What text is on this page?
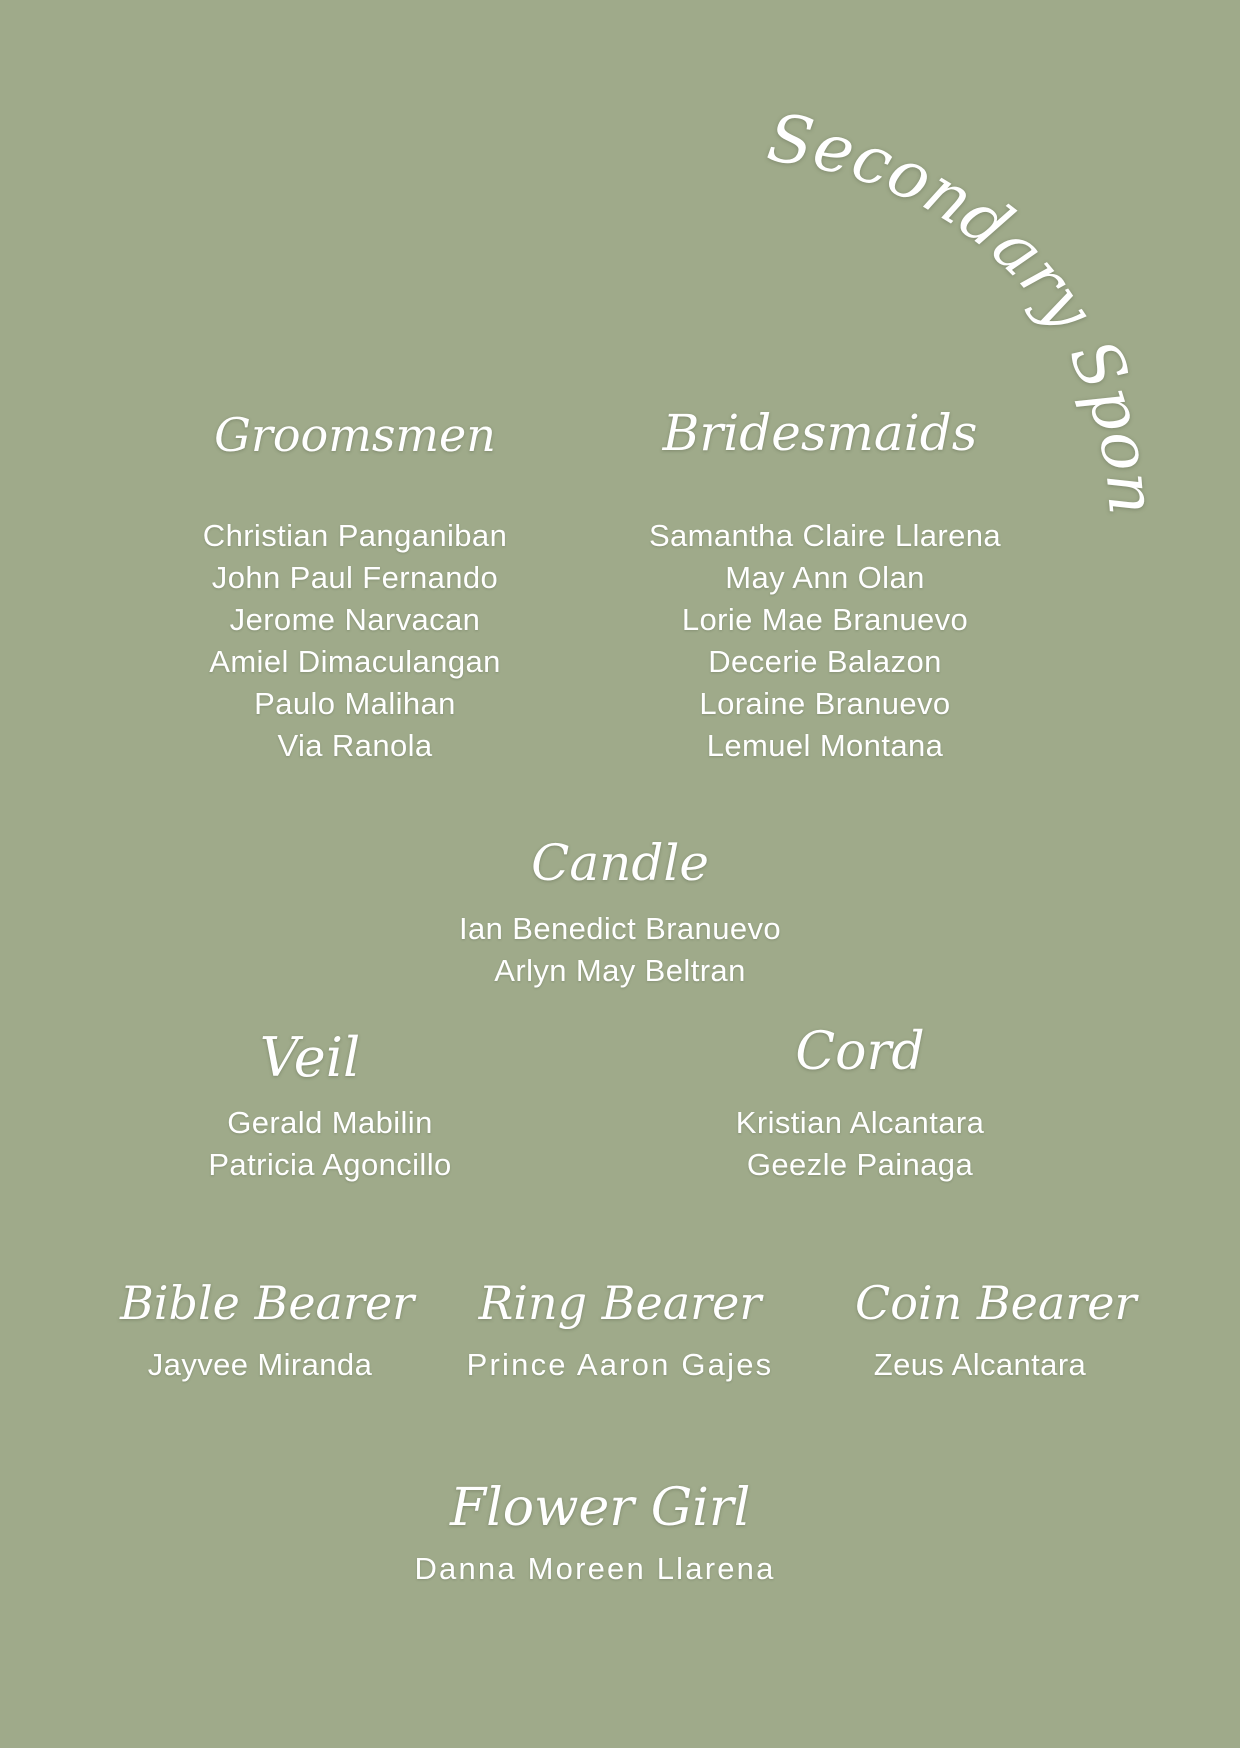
Secondary Sponsors
Groomsmen
Christian Panganiban
John Paul Fernando
Jerome Narvacan
Amiel Dimaculangan
Paulo Malihan
Via Ranola
Bridesmaids
Samantha Claire Llarena
May Ann Olan
Lorie Mae Branuevo
Decerie Balazon
Loraine Branuevo
Lemuel Montana
Candle
Ian Benedict Branuevo
Arlyn May Beltran
Veil
Gerald Mabilin
Patricia Agoncillo
Cord
Kristian Alcantara
Geezle Painaga
Bible Bearer
Jayvee Miranda
Ring Bearer
Prince Aaron Gajes
Coin Bearer
Zeus Alcantara
Flower Girl
Danna Moreen Llarena
